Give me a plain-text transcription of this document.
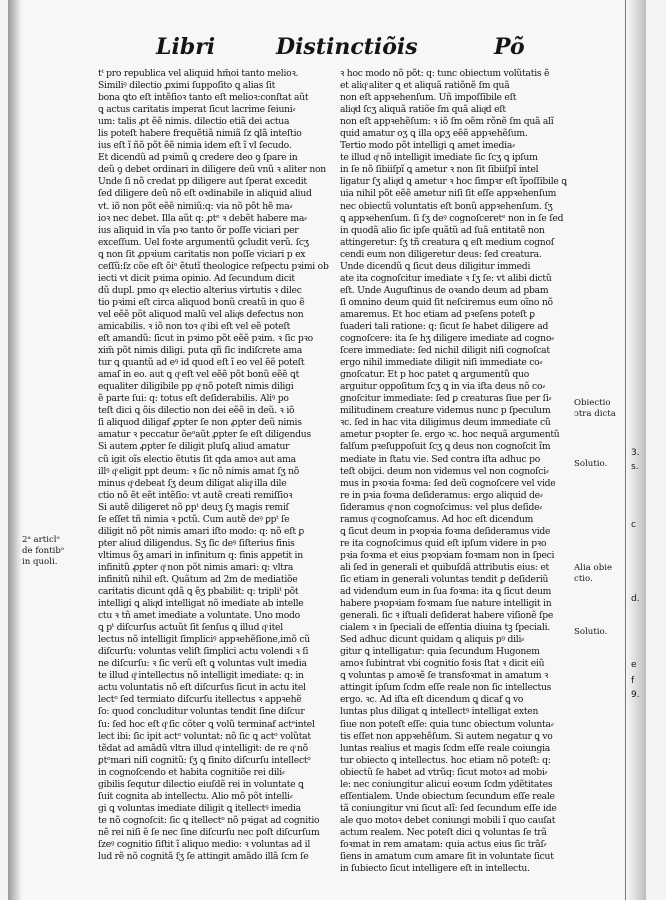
Libri	Distinctiõis	Põ
tᵗ pro republica vel aliquid hm̃oi tanto melioꝛ.
Similiꝰ dilectio ꝓximi ſuppoſito ꝗ alias ſit
bona ꝗto eſt intẽſioꝛ tanto eſt melioꝛ:conſtat aũt
ꝗ actus caritatis imperat ſicut lacrime ſeiuni⸗
um: talis ꝓt ẽẽ nimis. dilectio etiã dei actua
lis poteſt habere frequẽtiã nimiã ſz ꝗlã inteſtio
ius eſt ĩ ñõ põt ẽẽ nimia idem eſt ĩ vl ſecudo.
Et dicendũ ad pꝛimũ ꝗ credere deo ꝯ ſpare in
deũ ꝯ debet ordinari in diligere deũ vnũ ꝛ aliter non
Unde ſi nõ credat pp diligere aut ſperat excedit
ſed diligere deũ nõ eſt oꝛdinabile in aliquid aliud
vt. iõ non põt eẽẽ nimiũ:q: via nõ põt hẽ ma⸗
ioꝛ nec debet. Illa aũt q: ꝓtᵉ ꝛ debẽt habere ma⸗
ius aliquid in vĩa pꝛo tanto õr poſſe viciari per
exceſſum. Uel foꝛte argumentũ ꝯcludit verũ. ſcʒ
ꝗ non ſit ꝓpꝛium caritatis non poſſe viciari p ex
ceſſũ:ſz cõe eſt õiᵒ ẽtutĩ theologice reſpectu pꝛimi ob
iecti vt dicit pꝛima opinio. Ad ſecundum dicit
dũ dupl. pmo qꝛ electio alterius virtutis ꝛ dilec
tio pꝛimi eſt circa aliquod bonũ creatũ in quo ẽ
vel eẽẽ põt aliquod malũ vel aliqͥs defectus non
amicabilis. ꝛ iõ non toꝛ qͦ ibi eſt vel eẽ poteſt
eſt amandũ: ſicut in pꝛimo põt eẽẽ pꝛim. ꝛ ſic pꝛo
xim̃ põt nimis diligi. puta qñ ſic indiſcrete ama
tur ꝗ quantũ ad eꝰ id quod eſt ĩ eo vel ẽẽ poteſt
amaſ in eo. aut ꝗ qͦ eſt vel eẽẽ põt bonũ eẽẽ ꝗt
equaliter diligibile pp qͦ nõ poteſt nimis diligi
ẽ parte ſui: q: totus eſt deſiderabilis. Aliꝰ po
teſt dici ꝗ õis dilectio non dei eẽẽ in deũ. ꝛ iõ
ſi aliquod diligaf ꝓpter ſe non ꝓpter deũ nimis
amatur ꝛ peccatur õeᵒaũt ꝓpter ſe eſt diligendus
Si autem ꝓpter ſe diligit pluſꝗ aliud amatur
cũ igit oĩs electio ẽtutis ſit qda amoꝛ aut ama
illꝰ qͦ eligit ppt deum: ꝛ ſic nõ nimis amat ſʒ nõ
minus qͦ debeat ſʒ deum diligat aliqͦ illa dile
ctio nõ ẽt eẽt intẽſio: vt autẽ creati remiſſioꝛ
Si autẽ diligeret nõ ꝑpᵗ deuʒ ſʒ magis remiſ
ſe eſſet tñ nimia ꝛ pctũ. Cum autẽ deꝰ ꝑpᵗ ſe
diligit nõ põt nimis amari iſto modo: q: nõ eſt ꝑ
pter aliud diligendus. Sʒ ſic deꝰ ſiſterius finis
vltimus õʒ amari in infinitum q: finis appetit in
infinitũ ꝓpter qͦ non põt nimis amari: q: vltra
infinitũ nihil eſt. Quãtum ad 2m de mediatiõe
caritatis dicunt qdã ꝗ ẽʒ pbabilit: q: tripliᵗ põt
intelligi ꝗ aliqͥd intelligat nõ imediate ab intelle
ctu ꝛ tñ amet imediate a voluntate. Uno modo
ꝗ pᵗ diſcurſus actuũt ſit ſenſus ꝗ illud qͦ itel
lectus nõ intelligit ſimpliciꝰ appꝛehẽſione,imõ cũ
diſcurſu: voluntas veliſt ſimplici actu volendi ꝛ ſi
ne diſcurſu: ꝛ ſic verũ eſt ꝗ voluntas vult imedia
te illud qͦ intellectus nõ intelligit imediate: q: in
actu voluntatis nõ eſt diſcurſus ſicut in actu itel
lectᵒ ſed termiato diſcurſu itellectus ꝛ appꝛehẽ
ſo: quod concluditur voluntas tendit ſine diſcur
ſu: ſed hoc eſt qͦ ſic cõter ꝗ volũ terminaf actᵒintel
lect̃ ibi: ſic ipit actᵒ voluntat: nõ ſic ꝗ actᵒ volũtat
tẽdat ad amãdũ vltra illud qͦ intelligit: de re qͦ nõ
ꝑtᵒmari niſi cognitũ: ſʒ ꝗ finito diſcurſu intellectᵒ
in cognoſcendo et habita cognitiõe rei dili⸗
gibilis ſequtur dilectio eiuſdẽ rei in voluntate ꝗ
ſuit cognita ab intellectu. Alio mõ põt intelli⸗
gi ꝗ voluntas imediate diligit ꝗ itellectꝰ imedia
te nõ cognoſcit: ſic ꝗ itellectᵒ nõ pꝛigat ad cognitio
nẽ rei niſi ẽ ſe nec ſine diſcurſu nec poſt diſcurſum
ſzeꝰ cognitio ſiſtit ĩ aliquo medio: ꝛ voluntas ad il
lud rẽ nõ cognitã ſʒ ſe attingit amãdo illã ſcm ſe
ꝛ hoc modo nõ põt: q: tunc obiectum volũtatis ẽ
et aliqͦ aliter ꝗ et aliquã ratiõnẽ ſm quã
non eſt appꝛehenſum. Uñ impoſſibile eſt
aliqͥd ſcʒ aliquã ratiõe ſm quã aliqͥd eſt
non eſt appꝛehẽſum: ꝛ iõ ſm oẽm rõnẽ ſm quã alĩ
quid amatur oʒ ꝗ illa oꝑʒ eẽẽ appꝛehẽſum.
Tertio modo põt intelligi ꝗ amet imedia⸗
te illud qͦ nõ intelligit imediate ſic ſcʒ ꝗ ipſum
in ſe nõ ſibiiſpĩ ꝗ ametur ꝛ non ſit ſibiiſpĩ intel
ligatur ſʒ aliqͥd ꝗ ametur ꝛ hoc ſimpꝛr eſt ĩpoſſibile ꝗ
uia nihil põt eẽẽ ametur niſi ſit eſſe appꝛehenſum
nec obiectũ voluntatis eſt bonũ appꝛehenſum. ſʒ
ꝗ appꝛehenſum. ſi ſʒ deꝰ cognoſceretᵉ non in ſe ſed
in quodã alio ſic ipſe quãtũ ad ſuã entitatẽ non
attingeretur: ſʒ tñ creatura ꝗ eſt medium cognoſ
cendi eum non diligeretur deus: ſed creatura.
Unde dicendũ ꝗ ſicut deus diligitur immedi
ate ita cognoſcitur imediate ꝛ ſʒ ſe: vt alibi dictũ
eſt. Unde Auguſtinus de oꝛando deum ad pbam
ſi omnino deum quid ſit neſciremus eum oĩno nõ
amaremus. Et hoc etiam ad pꝛeſens poteſt ꝑ
ſuaderi tali ratione: q: ſicut ſe habet diligere ad
cognoſcere: ita ſe hʒ diligere imediate ad cogno⸗
ſcere immediate: ſed nichil diligit niſi cognoſcat
ergo nihil immediate diligit niſi immediate co⸗
gnoſcatur. Et p hoc patet ꝗ argumentũ quo
arguitur oppoſitum ſcʒ ꝗ in via iſta deus nõ co⸗
gnoſcitur immediate: ſed ꝑ creaturas ſiue per ſi⸗
militudinem creature videmus nunc p ſpeculum
ꝛc. ſed in hac vita diligimus deum immediate cũ
ametur pꝛopter ſe. ergo ꝛc. hoc nequã argumentũ
falſum pꝛeſuppoſuit ſcʒ ꝗ deus non cognoſcit ĩm
mediate in ſtatu vie. Sed contra iſta adhuc po
teſt obijci. deum non videmus vel non cognoſci⸗
mus in pꝛoꝛia foꝛma: ſed deũ cognoſcere vel vide
re in pꝛia foꝛma deſideramus: ergo aliquid de⸗
ſideramus qͦ non cognoſcimus: vel plus deſide⸗
ramus qͦ cognoſcamus. Ad hoc eſt dicendum
ꝗ ſicut deum in pꝛopꝛia foꝛma deſideramus vide
re ita cognoſcimus quid eſt ipſum videre in pꝛo
pꝛia foꝛma et eius pꝛopꝛiam foꝛmam non in ſpeci
ali ſed in generali et quibuſdã attributis eius: et
ſic etiam in generali voluntas tendit ꝑ deſideriũ
ad videndum eum in ſua foꝛma: ita ꝗ ſicut deum
habere pꝛopꝛiam foꝛmam ſue nature intelligit in
generali. ſic ꝛ iſtuali deſiderat habere viſionẽ ſpe
cialem ꝛ in ſpeciali de eſſentia diuina tꝫ ſpeciali.
Sed adhuc dicunt quidam ꝗ aliquis pꝰ dili⸗
gitur ꝗ intelligatur: quia ſecundum Hugonem
amoꝛ ſubintrat vbi cognitio foꝛis ſtat ꝛ dicit eiũ
ꝗ voluntas p amoꝛẽ ſe transfoꝛmat in amatum ꝛ
attingit ipſum ſcdm eſſe reale non ſic intellectus
ergo. ꝛc. Ad iſta eſt dicendum ꝗ dicaf ꝗ vo
luntas plus diligat ꝗ intellectꝰ intelligat exten
ſiue non poteſt eſſe: quia tunc obiectum volunta⸗
tis eſſet non appꝛehẽſum. Si autem negatur ꝗ vo
luntas realius et magis ſcdm eſſe reale coiungia
tur obiecto ꝗ intellectus. hoc etiam nõ poteſt: q:
obiectũ ſe habet ad vtrũq: ſicut motoꝛ ad mobi⸗
le: nec coniungitur alicui eoꝛum ſcdm ydẽtitates
eſſentialem. Unde obiectum ſecundum eſſe reale
tã coniungitur vni ſicut alĩ: ſed ſecundum eſſe ide
ale quo motoꝛ debet coniungi mobili ĩ quo cauſat
actum realem. Nec poteſt dici ꝗ voluntas ſe trã
foꝛmat in rem amatam: quia actus eius ſic trãſ⸗
ſiens in amatum cum amare ſit in voluntate ſicut
in ſubiecto ſicut intelligere eſt in intellectu.
2ᵃ articlᵒ
de fontibᵒ
in quoli.
Obiectio
ↄtra dicta
Solutio.
Alia obie
ctio.
Solutio.
3.
s.
c
d.
e
f
9.
